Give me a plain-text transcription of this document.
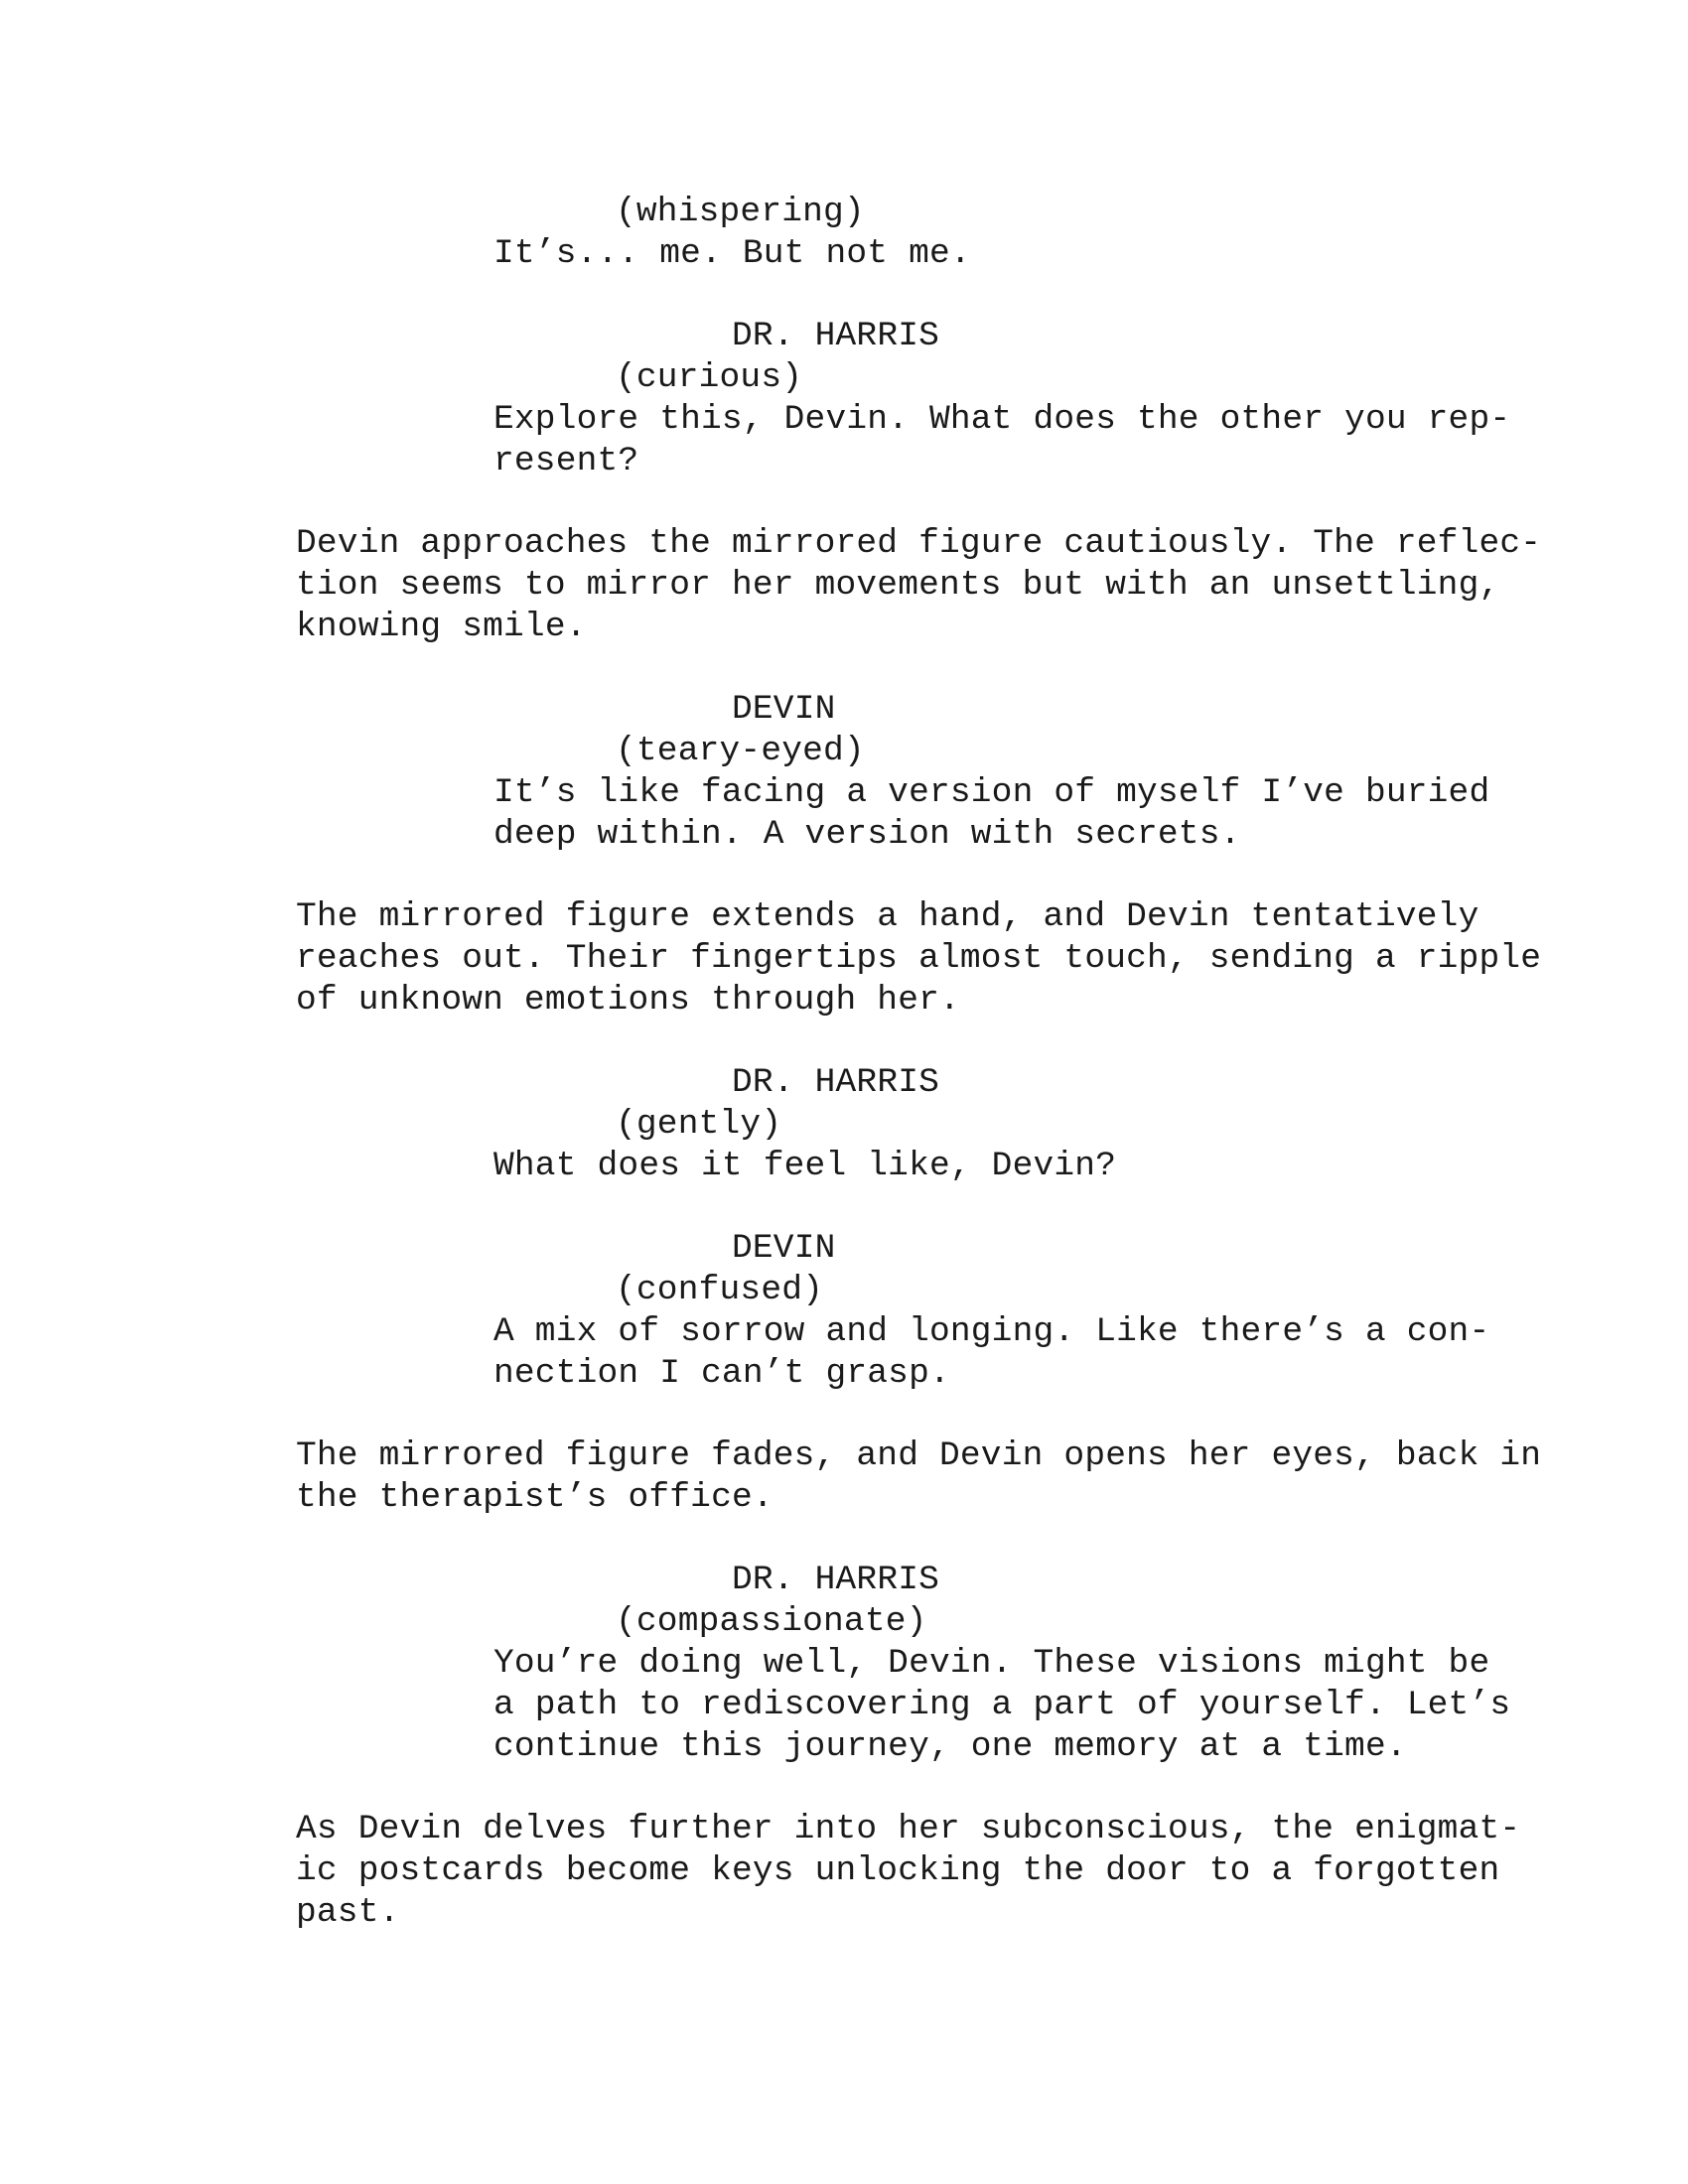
(whispering)
It’s... me. But not me.
DR. HARRIS
(curious)
Explore this, Devin. What does the other you rep-
resent?
Devin approaches the mirrored figure cautiously. The reflec-
tion seems to mirror her movements but with an unsettling,
knowing smile.
DEVIN
(teary-eyed)
It’s like facing a version of myself I’ve buried
deep within. A version with secrets.
The mirrored figure extends a hand, and Devin tentatively
reaches out. Their fingertips almost touch, sending a ripple
of unknown emotions through her.
DR. HARRIS
(gently)
What does it feel like, Devin?
DEVIN
(confused)
A mix of sorrow and longing. Like there’s a con-
nection I can’t grasp.
The mirrored figure fades, and Devin opens her eyes, back in
the therapist’s office.
DR. HARRIS
(compassionate)
You’re doing well, Devin. These visions might be
a path to rediscovering a part of yourself. Let’s
continue this journey, one memory at a time.
As Devin delves further into her subconscious, the enigmat-
ic postcards become keys unlocking the door to a forgotten
past.
